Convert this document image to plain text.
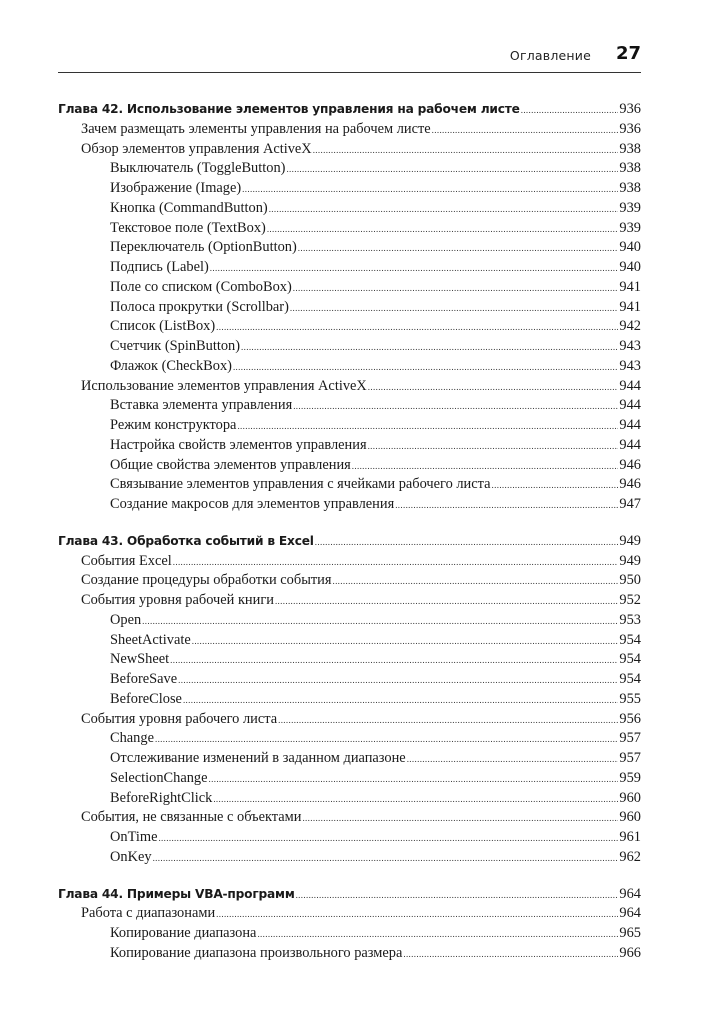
Оглавление 27
Глава 42. Использование элементов управления на рабочем листе .....	936
Зачем размещать элементы управления на рабочем листе .....	936
Обзор элементов управления ActiveX .....	938
Выключатель (ToggleButton) .....	938
Изображение (Image) .....	938
Кнопка (CommandButton) .....	939
Текстовое поле (TextBox) .....	939
Переключатель (OptionButton) .....	940
Подпись (Label) .....	940
Поле со списком (ComboBox) .....	941
Полоса прокрутки (Scrollbar) .....	941
Список (ListBox) .....	942
Счетчик (SpinButton) .....	943
Флажок (CheckBox) .....	943
Использование элементов управления ActiveX .....	944
Вставка элемента управления .....	944
Режим конструктора .....	944
Настройка свойств элементов управления .....	944
Общие свойства элементов управления .....	946
Связывание элементов управления с ячейками рабочего листа .....	946
Создание макросов для элементов управления .....	947
Глава 43. Обработка событий в Excel .....	949
События Excel .....	949
Создание процедуры обработки события .....	950
События уровня рабочей книги .....	952
Open .....	953
SheetActivate .....	954
NewSheet .....	954
BeforeSave .....	954
BeforeClose .....	955
События уровня рабочего листа .....	956
Change .....	957
Отслеживание изменений в заданном диапазоне .....	957
SelectionChange .....	959
BeforeRightClick .....	960
События, не связанные с объектами .....	960
OnTime .....	961
OnKey .....	962
Глава 44. Примеры VBA-программ .....	964
Работа с диапазонами .....	964
Копирование диапазона .....	965
Копирование диапазона произвольного размера .....	966
